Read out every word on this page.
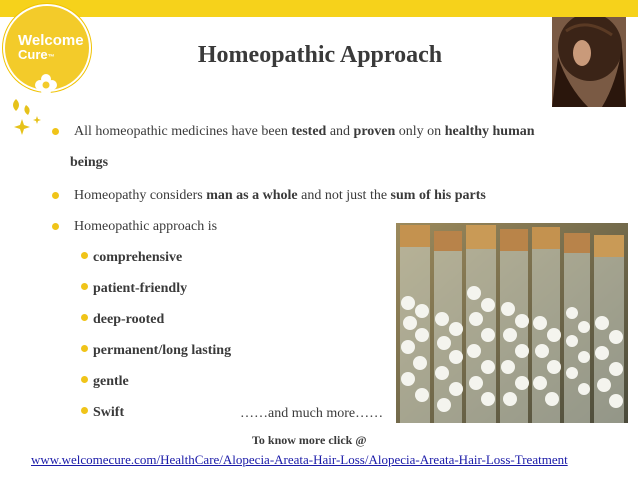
Welcome
Cure™	Homeopathic Approach
All homeopathic medicines have been tested and proven only on healthy human
beings
Homeopathy considers man as a whole and not just the sum of his parts
Homeopathic approach is
comprehensive
patient-friendly
deep-rooted
permanent/long lasting
gentle
Swift	……and much more……
To know more click @
www.welcomecure.com/HealthCare/Alopecia-Areata-Hair-Loss/Alopecia-Areata-Hair-Loss-Treatment
